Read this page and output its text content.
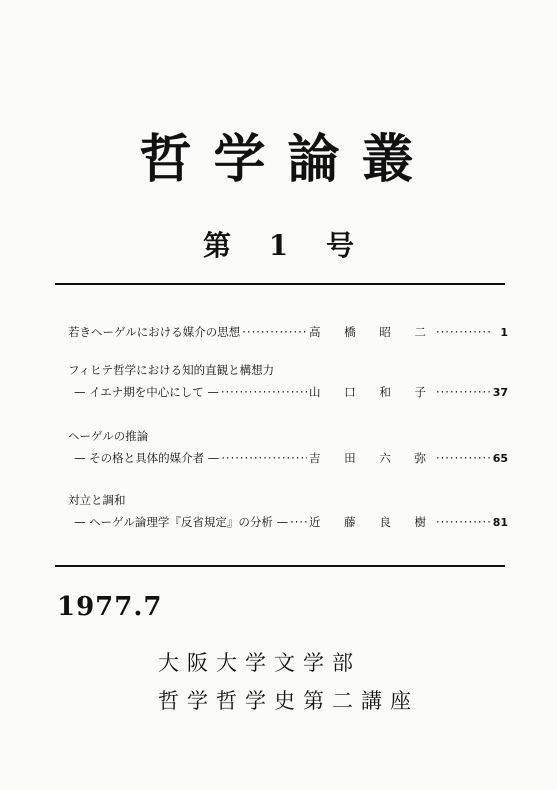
哲学論叢
第 1 号
若きヘーゲルにおける媒介の思想 ·····	高 橋 昭 二 ·····	1
フィヒテ哲学における知的直観と構想力
— イエナ期を中心にして — ·····	山 口 和 子 ·····	37
ヘーゲルの推論
— その格と具体的媒介者 — ·····	吉 田 六 弥 ·····	65
対立と調和
— ヘーゲル論理学『反省規定』の分析 — ····· 近 藤 良 樹 ·····	81
1977.7
大阪大学文学部
哲学哲学史第二講座
